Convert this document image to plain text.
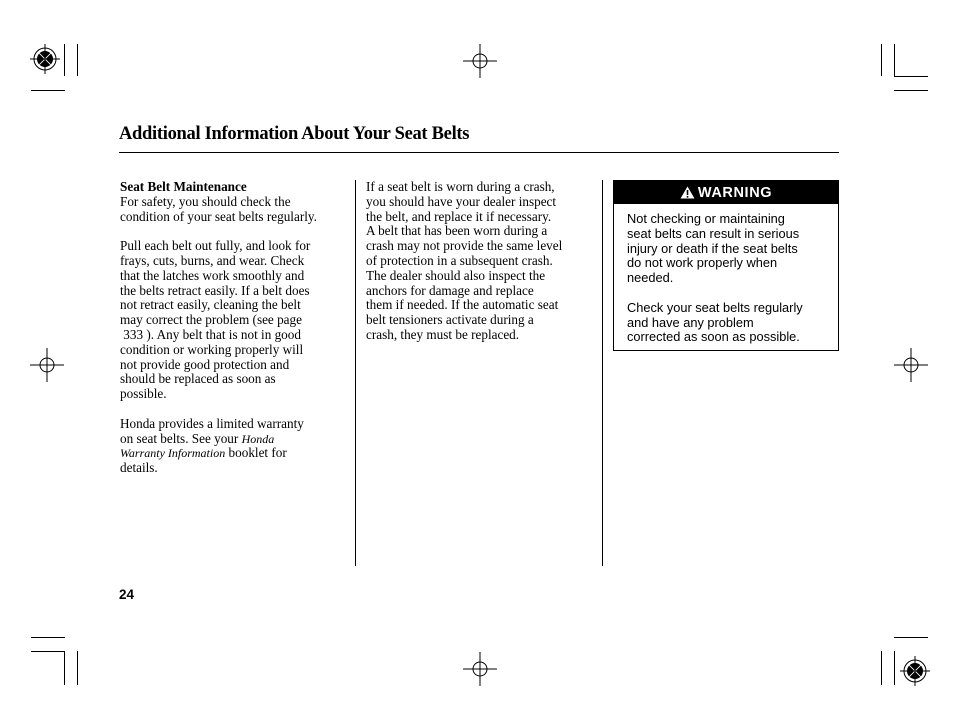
Additional Information About Your Seat Belts

Seat Belt Maintenance

For safety, you should check the

condition of your seat belts regularly.

Pull each belt out fully, and look for

frays, cuts, burns, and wear. Check

that the latches work smoothly and

the belts retract easily. If a belt does

not retract easily, cleaning the belt

may correct the problem (see page

333 ). Any belt that is not in good

condition or working properly will

not provide good protection and

should be replaced as soon as

possible.

Honda provides a limited warranty

on seat belts. See your Honda

Warranty Information booklet for

details.

If a seat belt is worn during a crash,

you should have your dealer inspect

the belt, and replace it if necessary.

A belt that has been worn during a

crash may not provide the same level

of protection in a subsequent crash.

The dealer should also inspect the

anchors for damage and replace

them if needed. If the automatic seat

belt tensioners activate during a

crash, they must be replaced.

WARNING

Not checking or maintaining

seat belts can result in serious

injury or death if the seat belts

do not work properly when

needed.

Check your seat belts regularly

and have any problem

corrected as soon as possible.

24
